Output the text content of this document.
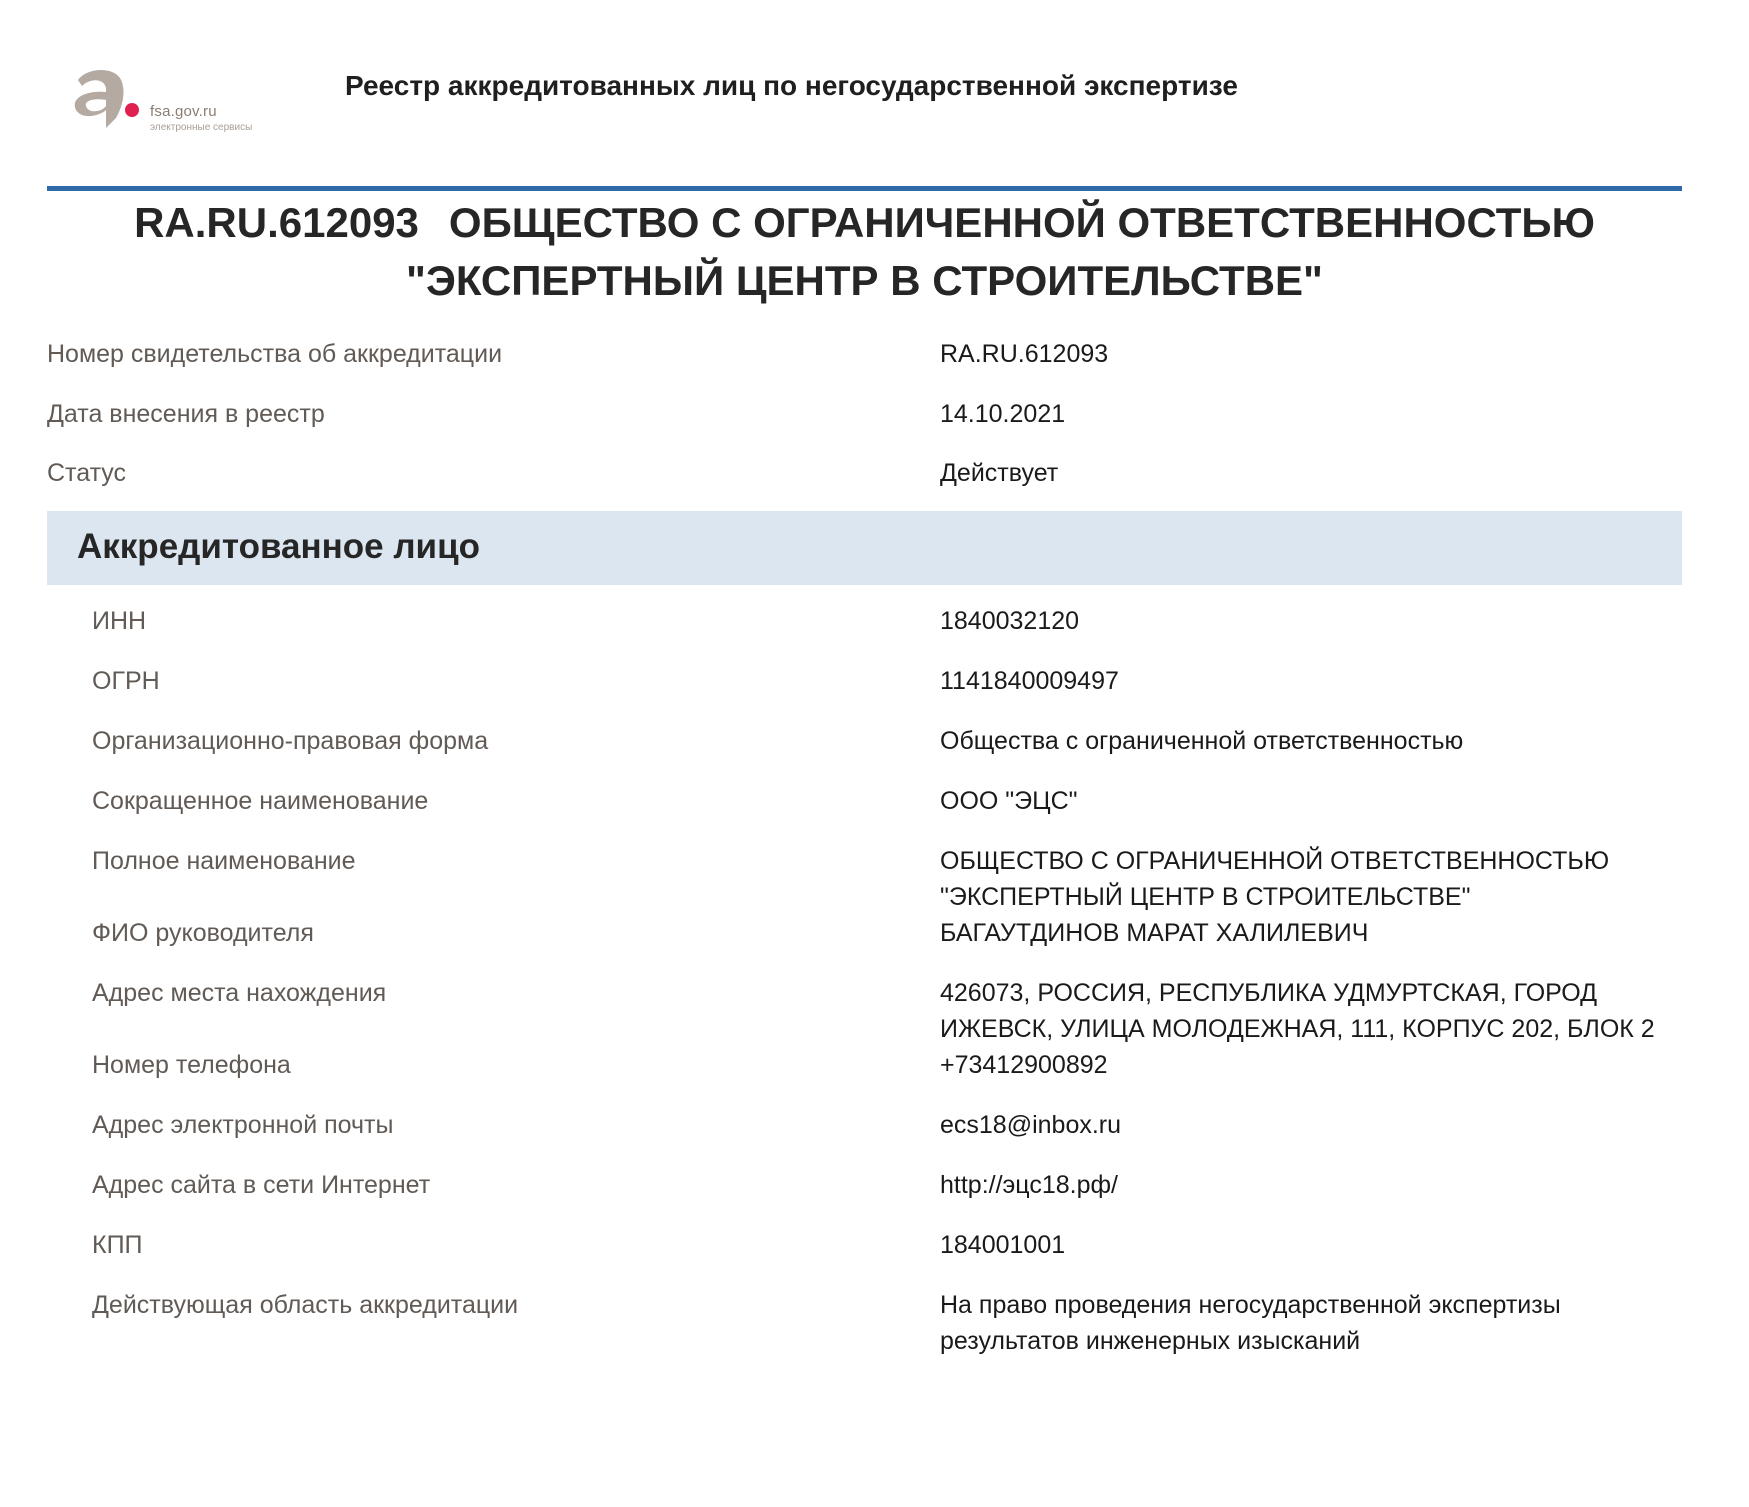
fsa.gov.ru
электронные сервисы
Реестр аккредитованных лиц по негосударственной экспертизе
RA.RU.612093 ОБЩЕСТВО С ОГРАНИЧЕННОЙ ОТВЕТСТВЕННОСТЬЮ
"ЭКСПЕРТНЫЙ ЦЕНТР В СТРОИТЕЛЬСТВЕ"
Номер свидетельства об аккредитации	RA.RU.612093
Дата внесения в реестр	14.10.2021
Статус	Действует
Аккредитованное лицо
ИНН	1840032120
ОГРН	1141840009497
Организационно-правовая форма	Общества с ограниченной ответственностью
Сокращенное наименование	ООО "ЭЦС"
Полное наименование	ОБЩЕСТВО С ОГРАНИЧЕННОЙ ОТВЕТСТВЕННОСТЬЮ
"ЭКСПЕРТНЫЙ ЦЕНТР В СТРОИТЕЛЬСТВЕ"
ФИО руководителя	БАГАУТДИНОВ МАРАТ ХАЛИЛЕВИЧ
Адрес места нахождения	426073, РОССИЯ, РЕСПУБЛИКА УДМУРТСКАЯ, ГОРОД
ИЖЕВСК, УЛИЦА МОЛОДЕЖНАЯ, 111, КОРПУС 202, БЛОК 2
Номер телефона	+73412900892
Адрес электронной почты	ecs18@inbox.ru
Адрес сайта в сети Интернет	http://эцс18.рф/
КПП	184001001
Действующая область аккредитации	На право проведения негосударственной экспертизы
результатов инженерных изысканий
